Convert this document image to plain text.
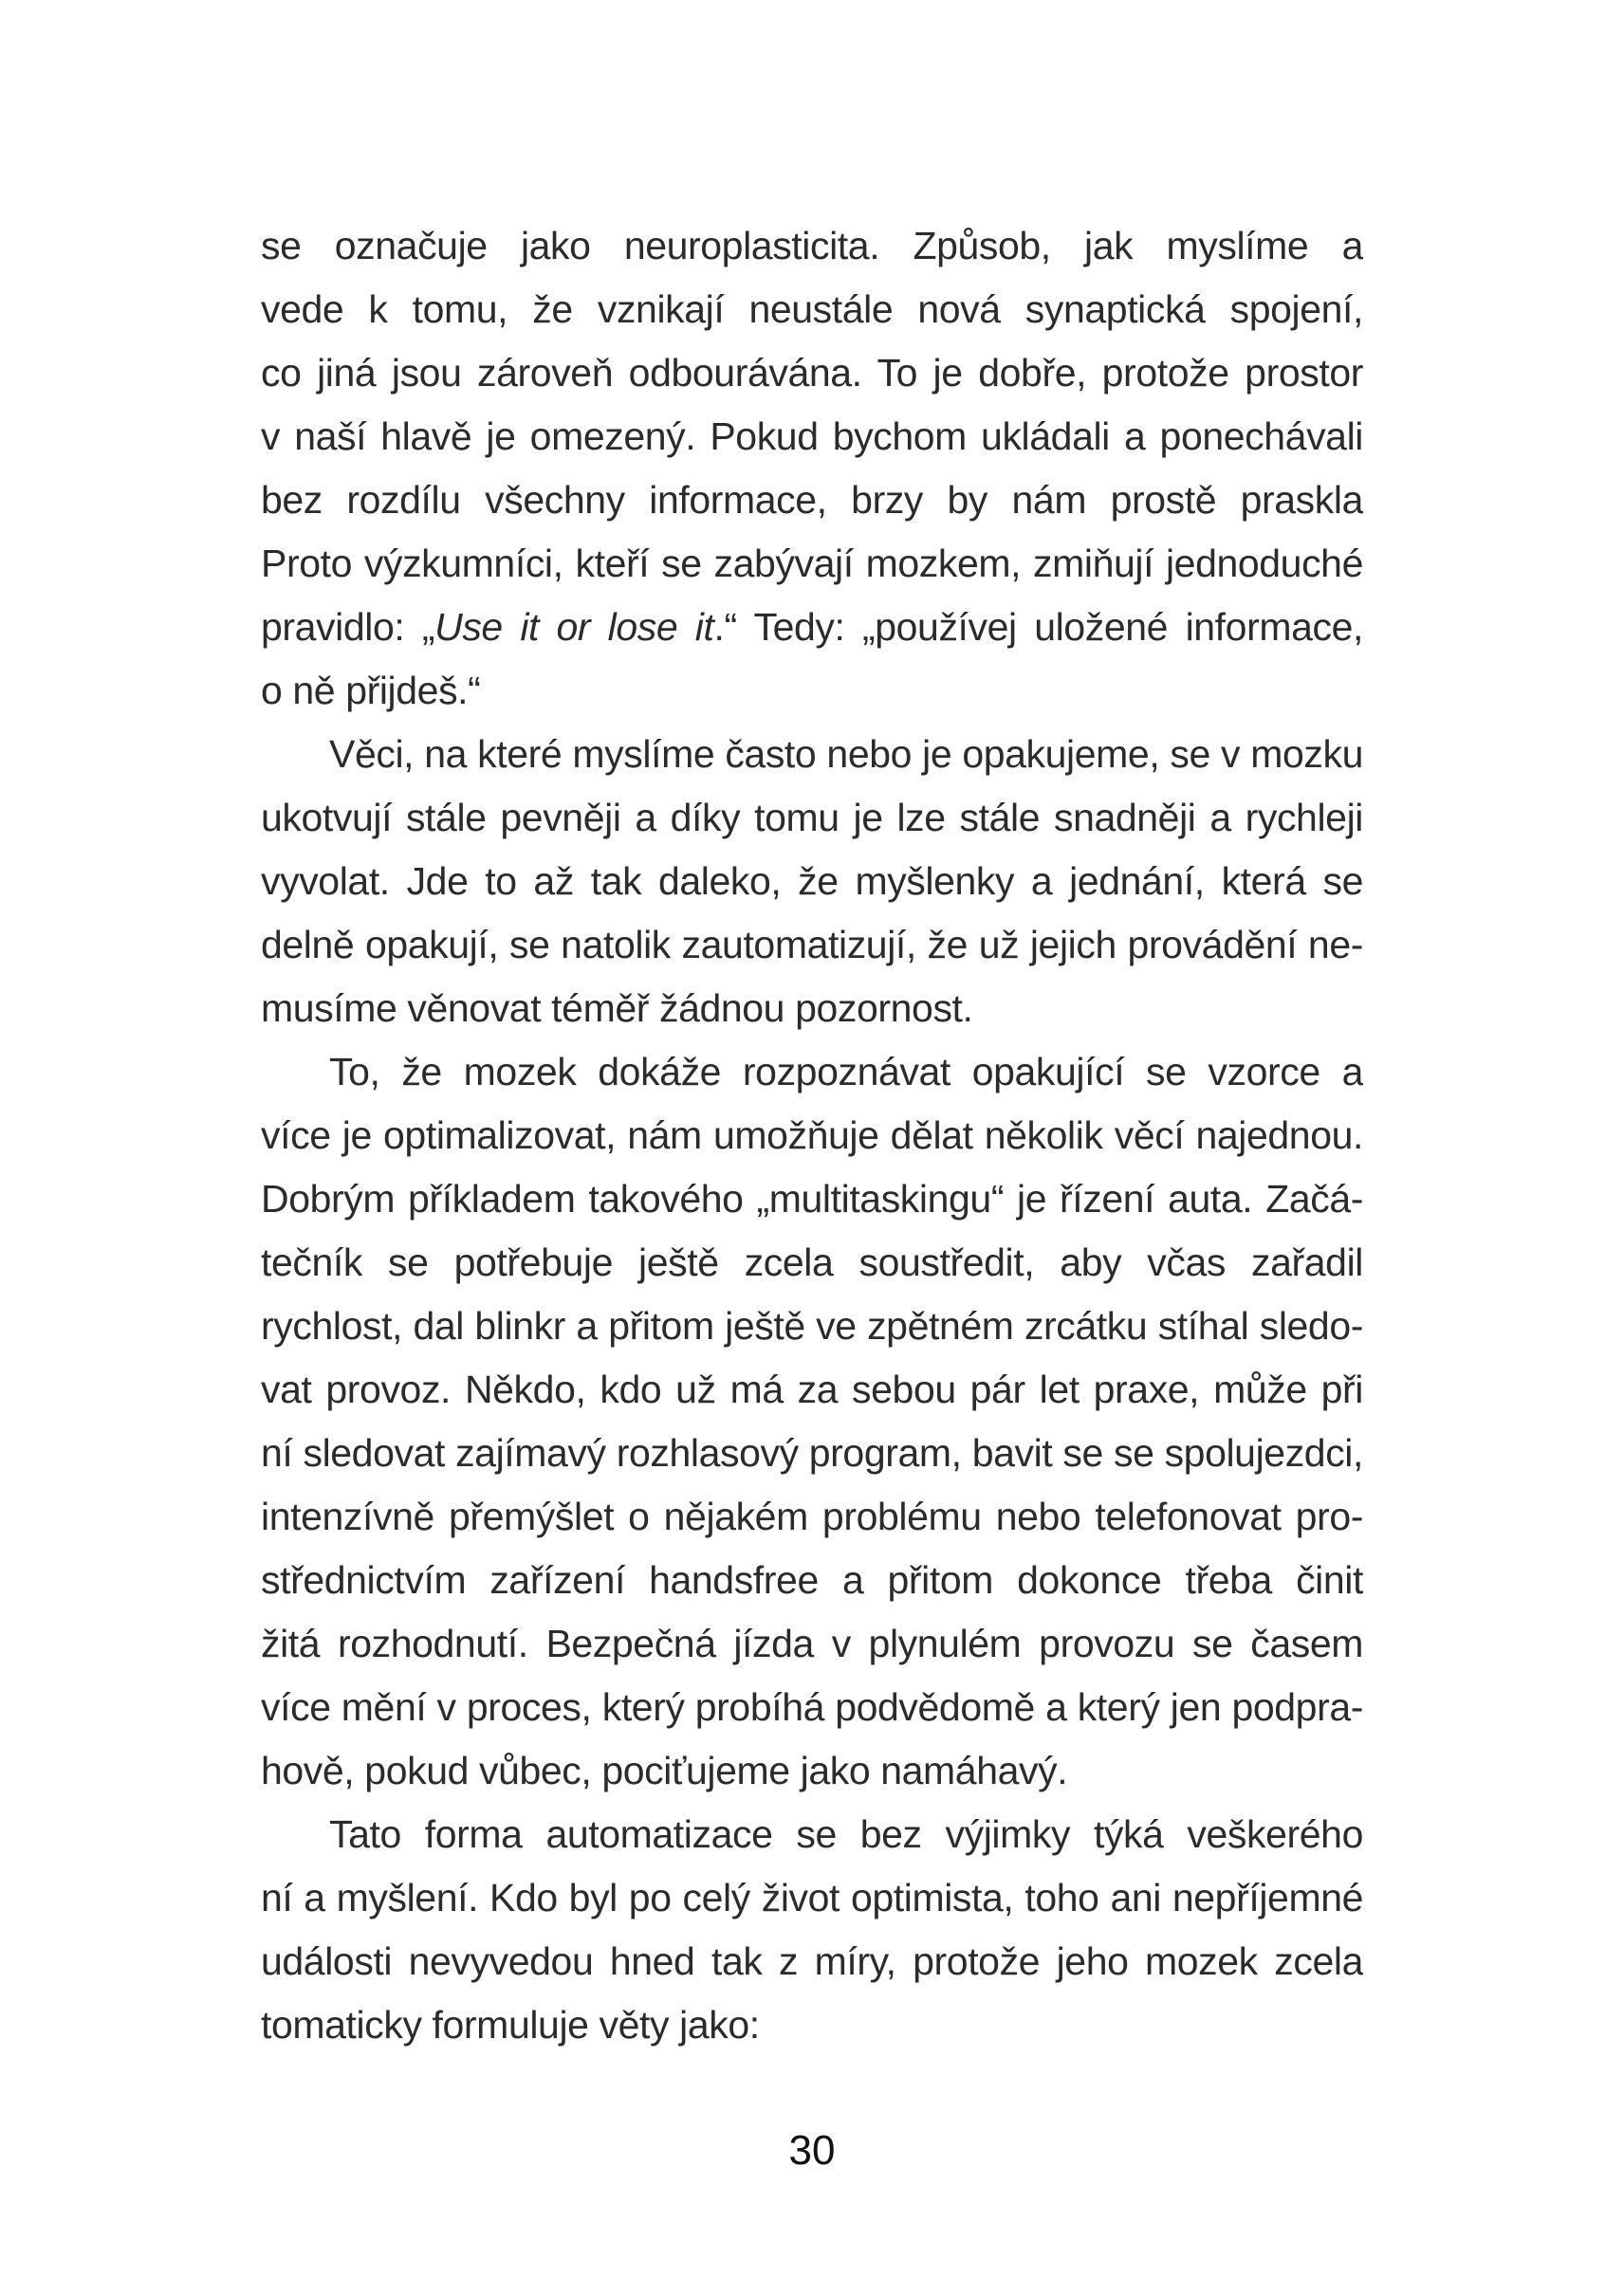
se označuje jako neuroplasticita. Způsob, jak myslíme a
vede k tomu, že vznikají neustále nová synaptická spojení,
co jiná jsou zároveň odbourávána. To je dobře, protože prostor
v naší hlavě je omezený. Pokud bychom ukládali a ponechávali
bez rozdílu všechny informace, brzy by nám prostě praskla
Proto výzkumníci, kteří se zabývají mozkem, zmiňují jednoduché
pravidlo: „Use it or lose it.“ Tedy: „používej uložené informace,
o ně přijdeš.“
Věci, na které myslíme často nebo je opakujeme, se v mozku
ukotvují stále pevněji a díky tomu je lze stále snadněji a rychleji
vyvolat. Jde to až tak daleko, že myšlenky a jednání, která se
delně opakují, se natolik zautomatizují, že už jejich provádění ne-
musíme věnovat téměř žádnou pozornost.
To, že mozek dokáže rozpoznávat opakující se vzorce a
více je optimalizovat, nám umožňuje dělat několik věcí najednou.
Dobrým příkladem takového „multitaskingu“ je řízení auta. Začá-
tečník se potřebuje ještě zcela soustředit, aby včas zařadil
rychlost, dal blinkr a přitom ještě ve zpětném zrcátku stíhal sledo-
vat provoz. Někdo, kdo už má za sebou pár let praxe, může při
ní sledovat zajímavý rozhlasový program, bavit se se spolujezdci,
intenzívně přemýšlet o nějakém problému nebo telefonovat pro-
střednictvím zařízení handsfree a přitom dokonce třeba činit
žitá rozhodnutí. Bezpečná jízda v plynulém provozu se časem
více mění v proces, který probíhá podvědomě a který jen podpra-
hově, pokud vůbec, pociťujeme jako namáhavý.
Tato forma automatizace se bez výjimky týká veškerého
ní a myšlení. Kdo byl po celý život optimista, toho ani nepříjemné
události nevyvedou hned tak z míry, protože jeho mozek zcela
tomaticky formuluje věty jako:
30
